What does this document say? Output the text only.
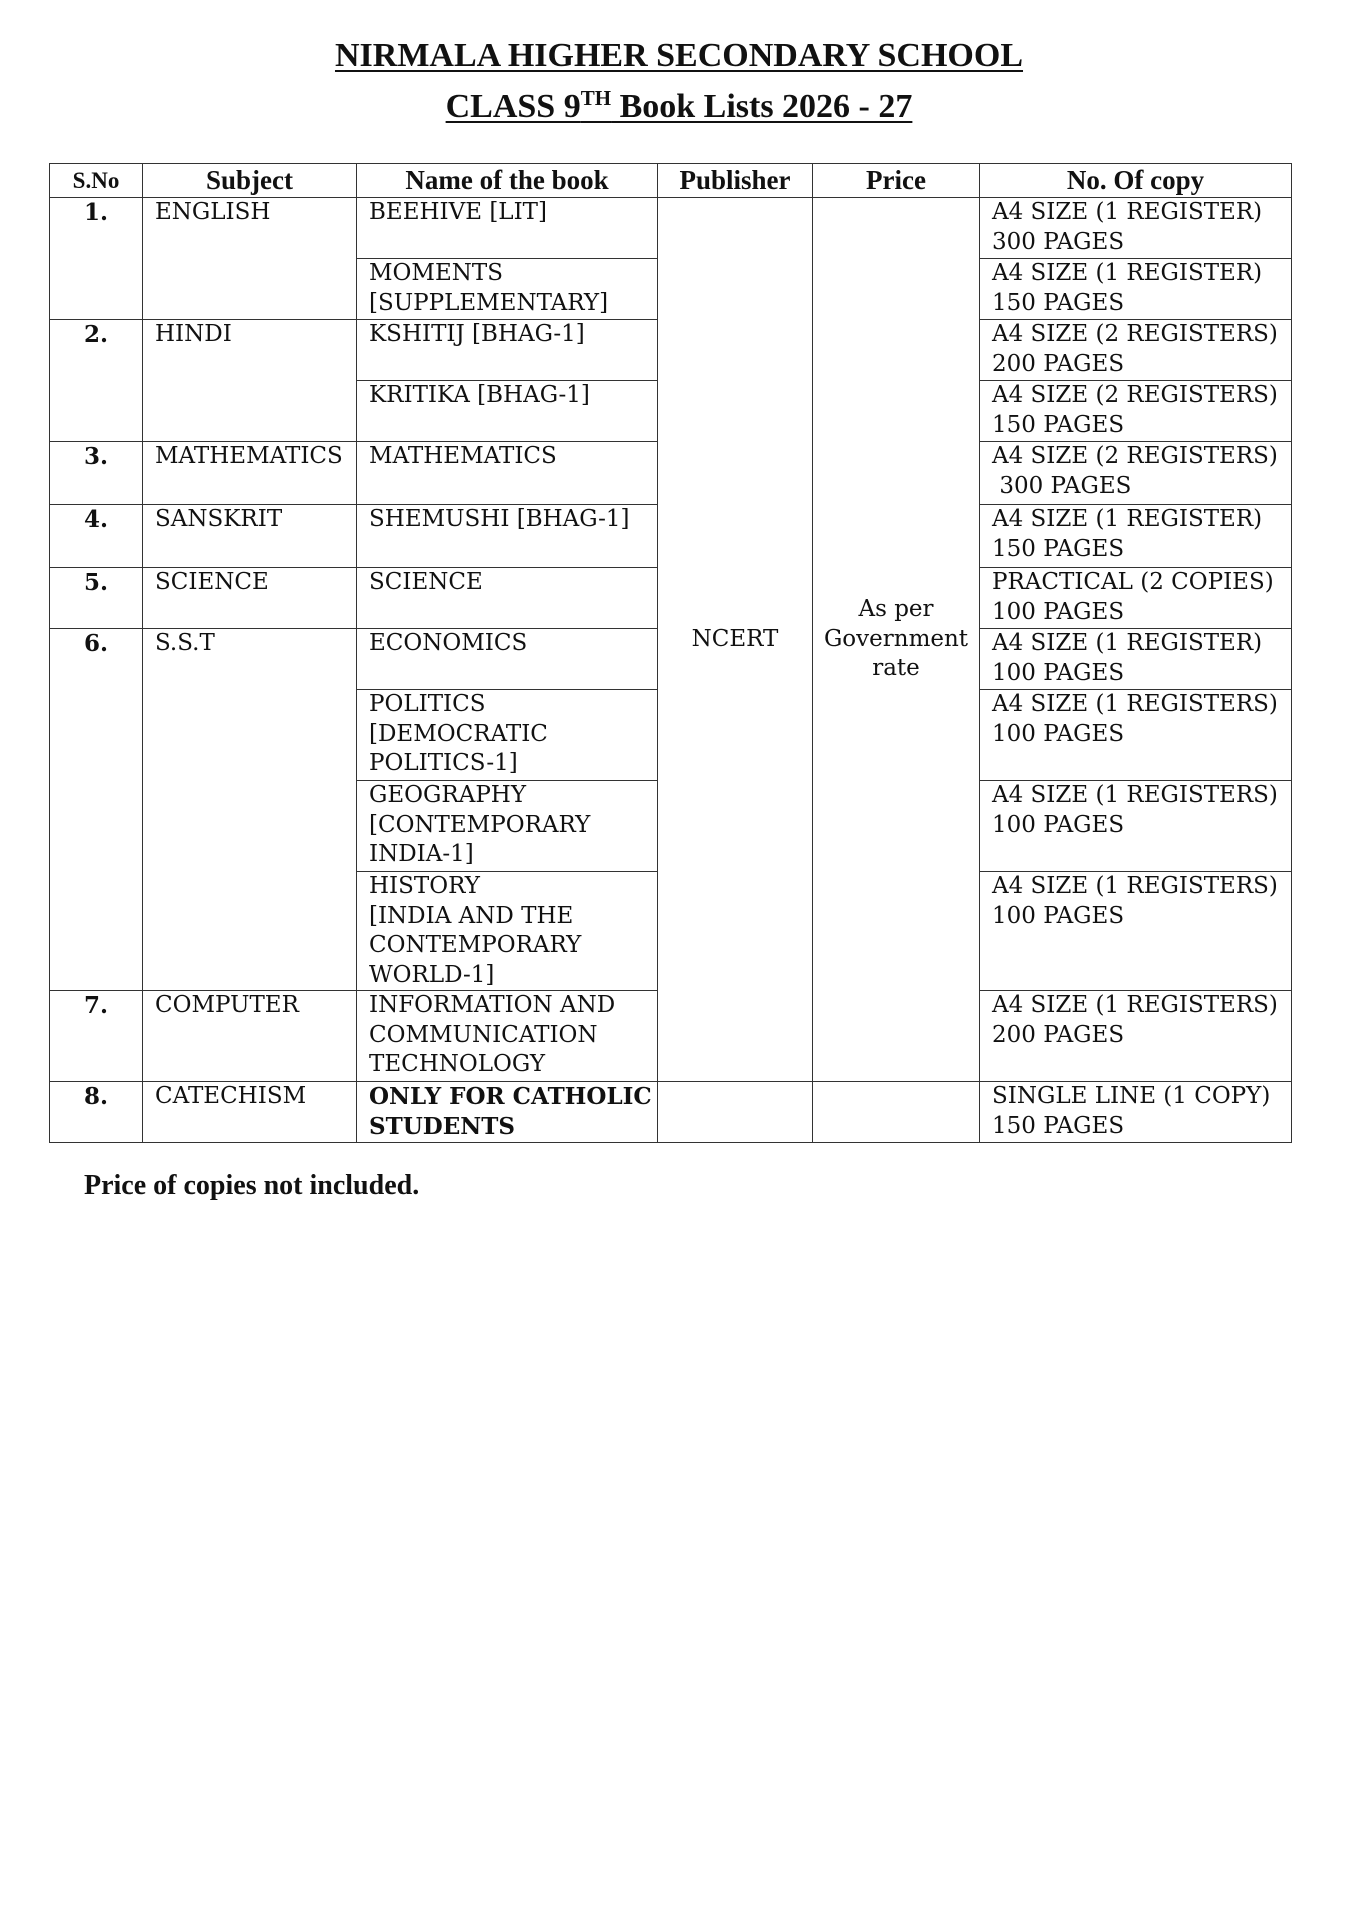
NIRMALA HIGHER SECONDARY SCHOOL
CLASS 9TH Book Lists 2026 - 27
S.No	Subject	Name of the book	Publisher	Price	No. Of copy
1.	ENGLISH	BEEHIVE [LIT]	NCERT	As per
Government
rate	A4 SIZE (1 REGISTER)
300 PAGES
		MOMENTS
[SUPPLEMENTARY]			A4 SIZE (1 REGISTER)
150 PAGES
2.	HINDI	KSHITIJ [BHAG-1]			A4 SIZE (2 REGISTERS)
200 PAGES
		KRITIKA [BHAG-1]			A4 SIZE (2 REGISTERS)
150 PAGES
3.	MATHEMATICS	MATHEMATICS			A4 SIZE (2 REGISTERS)
300 PAGES
4.	SANSKRIT	SHEMUSHI [BHAG-1]			A4 SIZE (1 REGISTER)
150 PAGES
5.	SCIENCE	SCIENCE			PRACTICAL (2 COPIES)
100 PAGES
6.	S.S.T	ECONOMICS			A4 SIZE (1 REGISTER)
100 PAGES
		POLITICS
[DEMOCRATIC
POLITICS-1]			A4 SIZE (1 REGISTERS)
100 PAGES
		GEOGRAPHY
[CONTEMPORARY
INDIA-1]			A4 SIZE (1 REGISTERS)
100 PAGES
		HISTORY
[INDIA AND THE
CONTEMPORARY
WORLD-1]			A4 SIZE (1 REGISTERS)
100 PAGES
7.	COMPUTER	INFORMATION AND
COMMUNICATION
TECHNOLOGY			A4 SIZE (1 REGISTERS)
200 PAGES
8.	CATECHISM	ONLY FOR CATHOLIC
STUDENTS			SINGLE LINE (1 COPY)
150 PAGES
Price of copies not included.
